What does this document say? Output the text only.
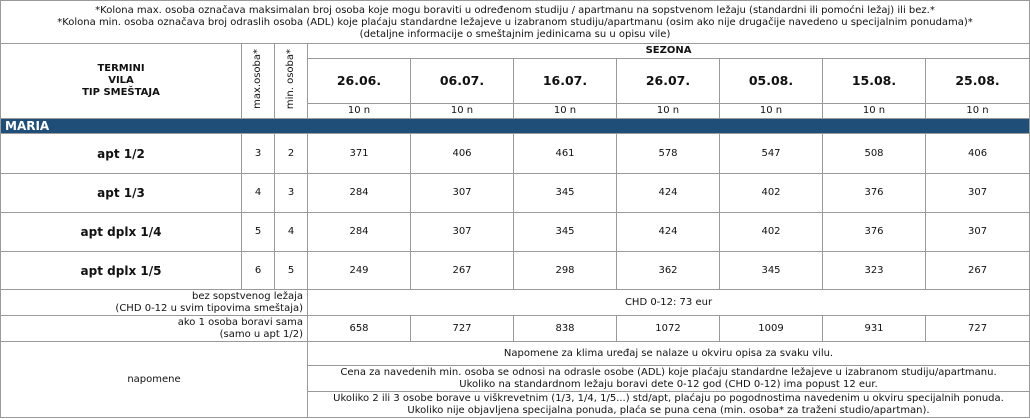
*Kolona max. osoba označava maksimalan broj osoba koje mogu boraviti u određenom studiju / apartmanu na sopstvenom ležaju (standardni ili pomoćni ležaj) ili bez.*
*Kolona min. osoba označava broj odraslih osoba (ADL) koje plaćaju standardne ležajeve u izabranom studiju/apartmanu (osim ako nije drugačije navedeno u specijalnim ponudama)*
(detaljne informacije o smeštajnim jedinicama su u opisu vile)									

TERMINI
VILA
TIP SMEŠTAJA	max.osoba*	min. osoba*	SEZONA						
			26.06.	06.07.	16.07.	26.07.	05.08.	15.08.	25.08.
			10 n	10 n	10 n	10 n	10 n	10 n	10 n
MARIA									
apt 1/2	3	2	371	406	461	578	547	508	406
apt 1/3	4	3	284	307	345	424	402	376	307
apt dplx 1/4	5	4	284	307	345	424	402	376	307
apt dplx 1/5	6	5	249	267	298	362	345	323	267

bez sopstvenog ležaja
(CHD 0-12 u svim tipovima smeštaja)			CHD 0-12: 73 eur						

ako 1 osoba boravi sama
(samo u apt 1/2)			658	727	838	1072	1009	931	727
napomene			Napomene za klima uređaj se nalaze u okviru opisa za svaku vilu.						

			Cena za navedenih min. osoba se odnosi na odrasle osobe (ADL) koje plaćaju standardne ležajeve u izabranom studiju/apartmanu.
Ukoliko na standardnom ležaju boravi dete 0-12 god (CHD 0-12) ima popust 12 eur.						

			Ukoliko 2 ili 3 osobe borave u viškrevetnim (1/3, 1/4, 1/5...) std/apt, plaćaju po pogodnostima navedenim u okviru specijalnih ponuda.
Ukoliko nije objavljena specijalna ponuda, plaća se puna cena (min. osoba* za traženi studio/apartman).						
